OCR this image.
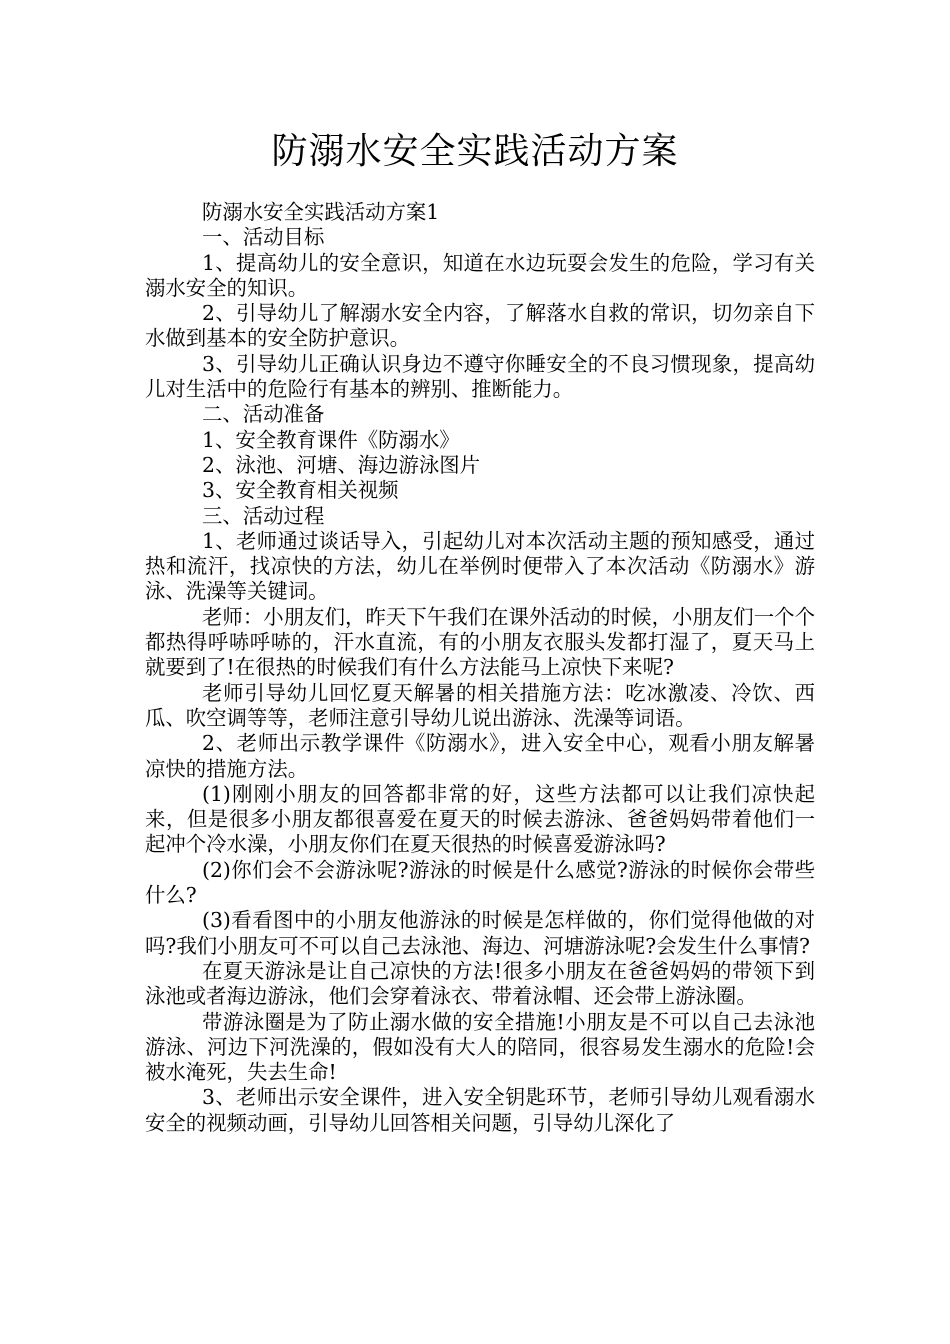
防溺水安全实践活动方案

防溺水安全实践活动方案1

一、活动目标

1、提高幼儿的安全意识，知道在水边玩耍会发生的危险，学习有关溺水安全的知识。

2、引导幼儿了解溺水安全内容，了解落水自救的常识，切勿亲自下水做到基本的安全防护意识。

3、引导幼儿正确认识身边不遵守你睡安全的不良习惯现象，提高幼儿对生活中的危险行有基本的辨别、推断能力。

二、活动准备

1、安全教育课件《防溺水》

2、泳池、河塘、海边游泳图片

3、安全教育相关视频

三、活动过程

1、老师通过谈话导入，引起幼儿对本次活动主题的预知感受，通过热和流汗，找凉快的方法，幼儿在举例时便带入了本次活动《防溺水》游泳、洗澡等关键词。

老师：小朋友们，昨天下午我们在课外活动的时候，小朋友们一个个都热得呼哧呼哧的，汗水直流，有的小朋友衣服头发都打湿了，夏天马上就要到了!在很热的时候我们有什么方法能马上凉快下来呢?

老师引导幼儿回忆夏天解暑的相关措施方法：吃冰激凌、冷饮、西瓜、吹空调等等，老师注意引导幼儿说出游泳、洗澡等词语。

2、老师出示教学课件《防溺水》，进入安全中心，观看小朋友解暑凉快的措施方法。

(1)刚刚小朋友的回答都非常的好，这些方法都可以让我们凉快起来，但是很多小朋友都很喜爱在夏天的时候去游泳、爸爸妈妈带着他们一起冲个冷水澡，小朋友你们在夏天很热的时候喜爱游泳吗?

(2)你们会不会游泳呢?游泳的时候是什么感觉?游泳的时候你会带些什么?

(3)看看图中的小朋友他游泳的时候是怎样做的，你们觉得他做的对吗?我们小朋友可不可以自己去泳池、海边、河塘游泳呢?会发生什么事情?

在夏天游泳是让自己凉快的方法!很多小朋友在爸爸妈妈的带领下到泳池或者海边游泳，他们会穿着泳衣、带着泳帽、还会带上游泳圈。

带游泳圈是为了防止溺水做的安全措施!小朋友是不可以自己去泳池游泳、河边下河洗澡的，假如没有大人的陪同，很容易发生溺水的危险!会被水淹死，失去生命!

3、老师出示安全课件，进入安全钥匙环节，老师引导幼儿观看溺水安全的视频动画，引导幼儿回答相关问题，引导幼儿深化了
